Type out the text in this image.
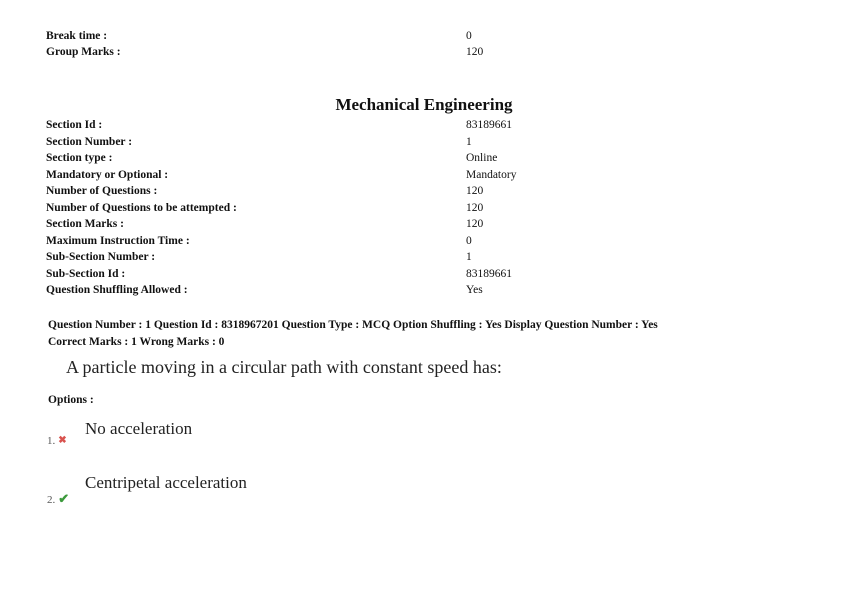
Break time :	0
Group Marks :	120
Mechanical Engineering
Section Id :	83189661
Section Number :	1
Section type :	Online
Mandatory or Optional :	Mandatory
Number of Questions :	120
Number of Questions to be attempted :	120
Section Marks :	120
Maximum Instruction Time :	0
Sub-Section Number :	1
Sub-Section Id :	83189661
Question Shuffling Allowed :	Yes
Question Number : 1 Question Id : 8318967201 Question Type : MCQ Option Shuffling : Yes Display Question Number : Yes
Correct Marks : 1 Wrong Marks : 0
A particle moving in a circular path with constant speed has:
Options :
No acceleration
1. ✖
Centripetal acceleration
2. ✔
